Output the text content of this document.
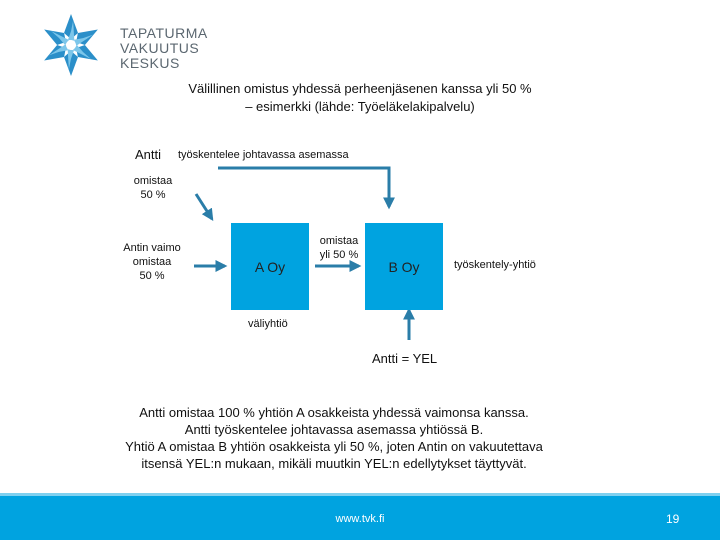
TAPATURMA
VAKUUTUS
KESKUS
Välillinen omistus yhdessä perheenjäsenen kanssa yli 50 %
– esimerkki (lähde: Työeläkelakipalvelu)
Antti työskentelee johtavassa asemassa
omistaa
50 %
Antin vaimo
omistaa
50 %
A Oy
omistaa
yli 50 %
B Oy	työskentely-yhtiö
väliyhtiö
Antti = YEL
Antti omistaa 100 % yhtiön A osakkeista yhdessä vaimonsa kanssa.
Antti työskentelee johtavassa asemassa yhtiössä B.
Yhtiö A omistaa B yhtiön osakkeista yli 50 %, joten Antin on vakuutettava
itsensä YEL:n mukaan, mikäli muutkin YEL:n edellytykset täyttyvät.
www.tvk.fi	19
